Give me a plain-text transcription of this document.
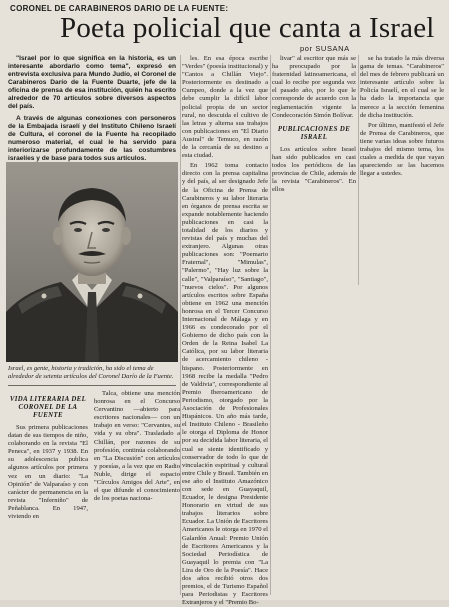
CORONEL DE CARABINEROS DARIO DE LA FUENTE:
Poeta policial que canta a Israel
por SUSANA

"Israel por lo que significa en la historia, es un interesante abordarlo como tema", expresó en entrevista exclusiva para Mundo Judío, el Coronel de Carabineros Darío de la Fuente Duarte, jefe de la oficina de prensa de esa institución, quién ha escrito alrededor de 70 artículos sobre diversos aspectos del país.

A través de algunas conexiones con personeros de la Embajada israelí y del Instituto Chileno Israelí de Cultura, el coronel de la Fuente ha recopilado numeroso material, el cual le ha servido para interiorizarse profundamente de las costumbres israelíes y de base para todos sus artículos.

Israel, es gente, historia y tradición, ha sido el tema de alrededor de setenta artículos del Coronel Darío de la Fuente.

VIDA LITERARIA DEL CORONEL DE LA FUENTE

Sus primera publicaciones datan de sus tiempos de niño, colaborando en la revista "El Peneca", en 1937 y 1938. En su adolescencia publica algunos artículos por primera vez en un diario: "La Opinión" de Valparaíso y con carácter de permanencia en la revista "Inferniño" de Peñablanca. En 1947, viviendo en

Talca, obtiene una mención honrosa en el Concurso Cervantino —abierto para escritores nacionales— con un trabajo en verso: "Cervantes, su vida y su obra". Trasladado a Chillán, por razones de su profesión, continúa colaborando en "La Discusión" con artículos y poesías, a la vez que en Radio Nuble, dirige el espacio "Círculos Amigos del Arte", en el que difunde el conocimiento de los poetas naciona-

les. En esa época escribe "Verdes" (poesía institucional) y "Cantos a Chillán Viejo". Posteriormente es destinado a Cumpeo, donde a la vez que debe cumplir la difícil labor policial propia de un sector rural, no descuida el cultivo de las letras y alterna sus trabajos con publicaciones en "El Diario Austral" de Temuco, en razón de la cercanía de su destino a esta ciudad.

En 1962 toma contacto directo con la prensa capitalina y del país, al ser designado Jefe de la Oficina de Prensa de Carabineros y su labor literaria en órganos de prensa escrita se expande notablemente haciendo publicaciones en casi la totalidad de los diarios y revistas del país y muchas del extranjero. Algunas otras publicaciones son: "Poemario Fraternal", "Mimulas", "Palermo", "Hay luz sobre la calle", "Valparaíso", "Santiago", "nuevos cielos". Por algunos artículos escritos sobre España obtiene en 1962 una mención honrosa en el Tercer Concurso Internacional de Málaga y en 1966 es condecorado por el Gobierno de dicho país con la Orden de la Reina Isabel La Católica, por su labor literaria de acercamiento chileno - hispano. Posteriormente en 1968 recibe la medalla "Pedro de Valdivia", correspondiente al Premio Iberoamericano de Periodismo, otorgado por la Asociación de Profesionales Hispánicos. Un año más tarde, el Instituto Chileno - Brasileño le otorga el Diploma de Honor por su decidida labor literaria, el cual se siente identificado y conservador de todo lo que de vinculación espiritual y cultural entre Chile y Brasil. También en ese año el Instituto Amazónico con sede en Guayaquil, Ecuador, le designa Presidente Honorario en virtud de sus trabajos literarios sobre Ecuador. La Unión de Escritores Americanos le otorga en 1970 el Galardón Anual: Premio Unión de Escritores Americanos y la Sociedad Periodística de Guayaquil lo premia con "La Lira de Oro de la Poesía". Hace dos años recibió otros dos premios, el de Turismo Español para Periodistas y Escritores Extranjeros y el "Premio Bo-

livar" al escritor que más se ha preocupado por la fraternidad latinoamericana, el cual lo recibe por segunda vez el pasado año, por lo que le corresponde de acuerdo con la reglamentación vigente la Condecoración Simón Bolívar.

PUBLICACIONES DE ISRAEL

Los artículos sobre Israel han sido publicados en casi todos los periódicos de las provincias de Chile, además de la revista "Carabineros". En ellos

se ha tratado la más diversa gama de temas. "Carabineros" del mes de febrero publicará un interesante artículo sobre la Policía Israelí, en el cual se le ha dado la importancia que merece a la sección femenina de dicha institución.

Por último, manifestó el Jefe de Prensa de Carabineros, que tiene varias ideas sobre futuros trabajos del mismo tema, los cuales a medida de que vayan apareciendo se las hacemos llegar a ustedes.
